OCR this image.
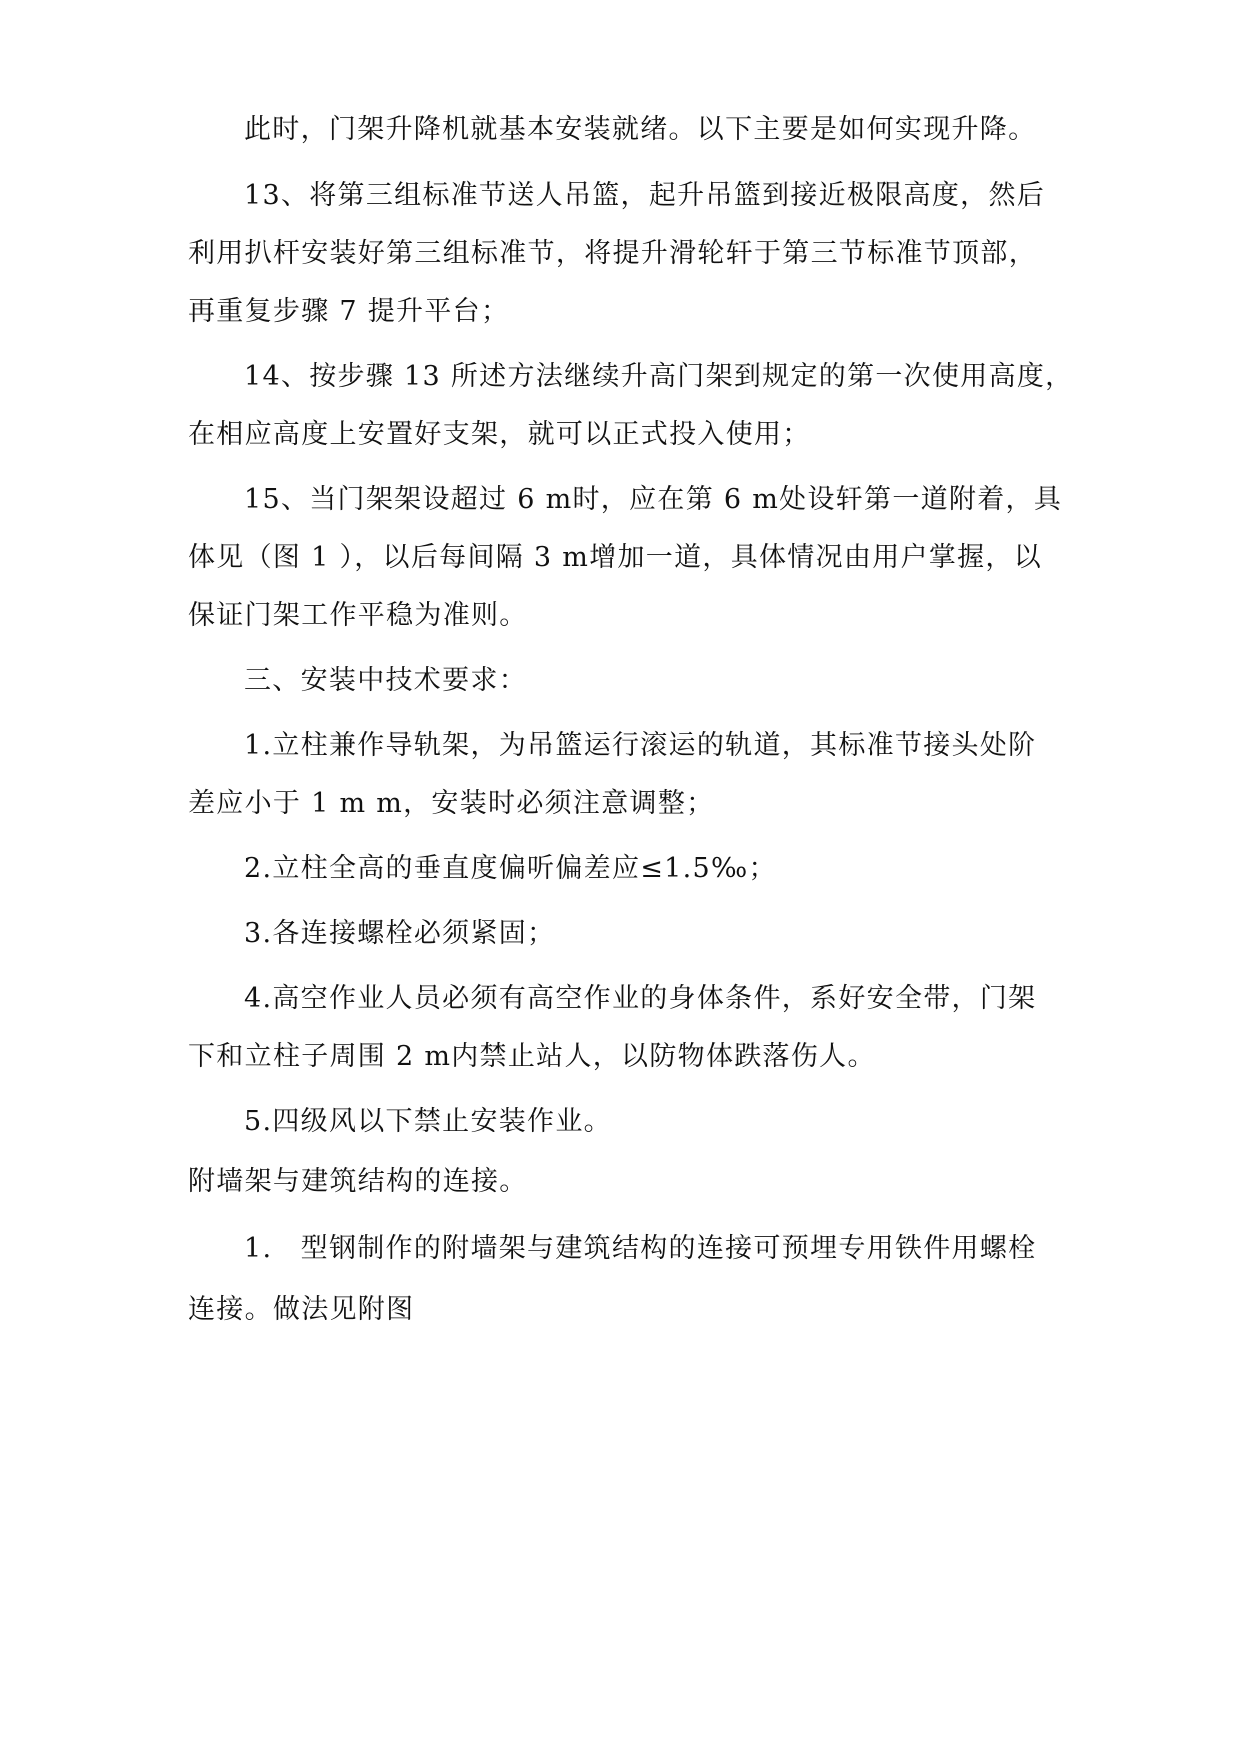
此时，门架升降机就基本安装就绪。以下主要是如何实现升降。
13、将第三组标准节送人吊篮，起升吊篮到接近极限高度，然后
利用扒杆安装好第三组标准节，将提升滑轮轩于第三节标准节顶部，
再重复步骤 7 提升平台；
14、按步骤 13 所述方法继续升高门架到规定的第一次使用高度，
在相应高度上安置好支架，就可以正式投入使用；
15、当门架架设超过 6 m时，应在第 6 m处设轩第一道附着，具
体见（图 1 ），以后每间隔 3 m增加一道，具体情况由用户掌握，以
保证门架工作平稳为准则。
三、安装中技术要求：
1.立柱兼作导轨架，为吊篮运行滚运的轨道，其标准节接头处阶
差应小于 1 m m，安装时必须注意调整；
2.立柱全高的垂直度偏听偏差应≤1.5‰；
3.各连接螺栓必须紧固；
4.高空作业人员必须有高空作业的身体条件，系好安全带，门架
下和立柱子周围 2 m内禁止站人，以防物体跌落伤人。
5.四级风以下禁止安装作业。
附墙架与建筑结构的连接。
1.　型钢制作的附墙架与建筑结构的连接可预埋专用铁件用螺栓
连接。做法见附图
